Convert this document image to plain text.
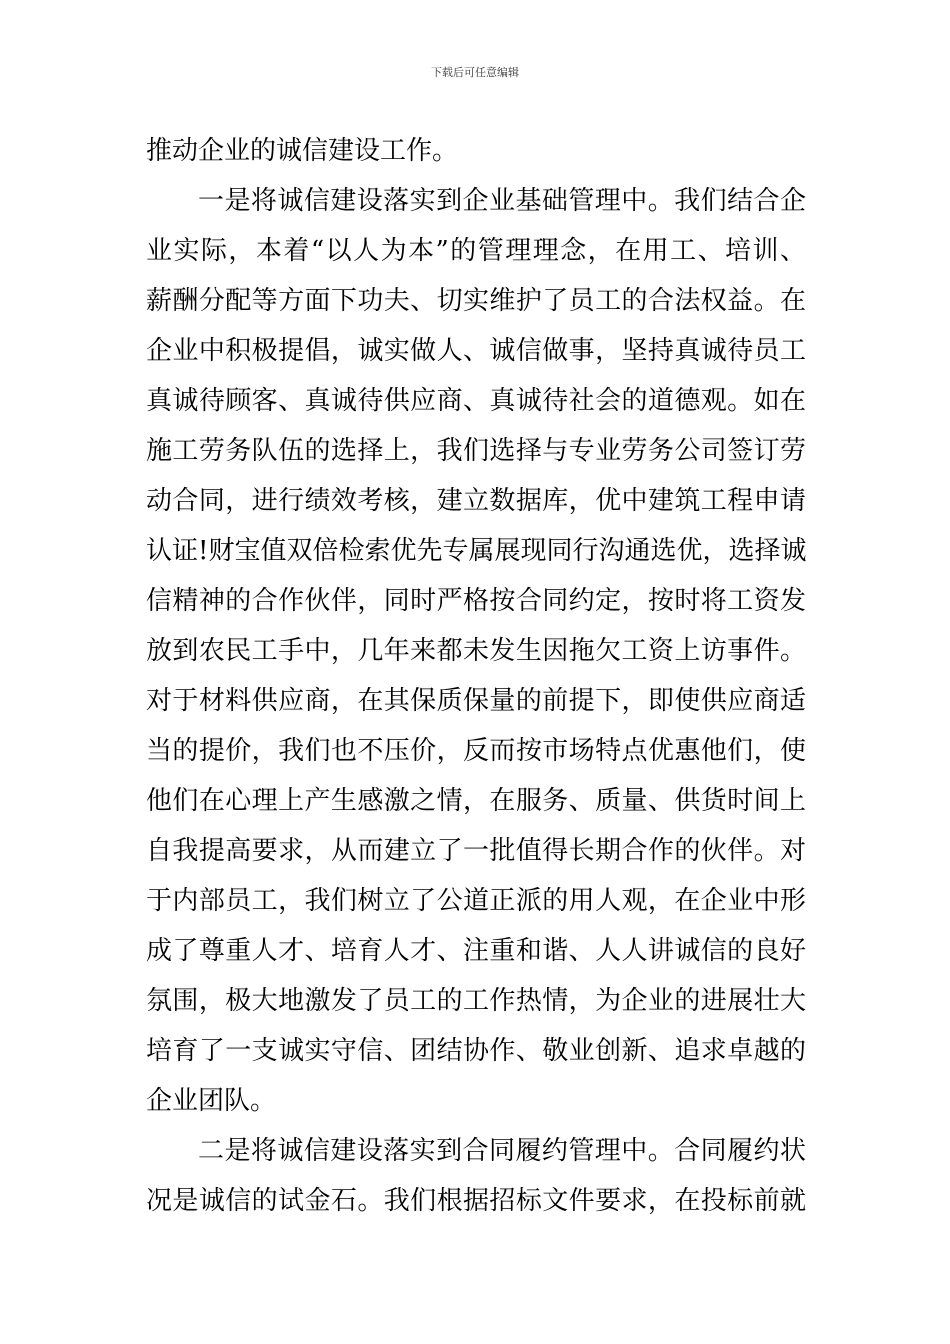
下载后可任意编辑
推动企业的诚信建设工作。
一是将诚信建设落实到企业基础管理中。我们结合企
业实际，本着“以人为本”的管理理念，在用工、培训、
薪酬分配等方面下功夫、切实维护了员工的合法权益。在
企业中积极提倡，诚实做人、诚信做事，坚持真诚待员工
真诚待顾客、真诚待供应商、真诚待社会的道德观。如在
施工劳务队伍的选择上，我们选择与专业劳务公司签订劳
动合同，进行绩效考核，建立数据库，优中建筑工程申请
认证!财宝值双倍检索优先专属展现同行沟通选优，选择诚
信精神的合作伙伴，同时严格按合同约定，按时将工资发
放到农民工手中，几年来都未发生因拖欠工资上访事件。
对于材料供应商，在其保质保量的前提下，即使供应商适
当的提价，我们也不压价，反而按市场特点优惠他们，使
他们在心理上产生感激之情，在服务、质量、供货时间上
自我提高要求，从而建立了一批值得长期合作的伙伴。对
于内部员工，我们树立了公道正派的用人观，在企业中形
成了尊重人才、培育人才、注重和谐、人人讲诚信的良好
氛围，极大地激发了员工的工作热情，为企业的进展壮大
培育了一支诚实守信、团结协作、敬业创新、追求卓越的
企业团队。
二是将诚信建设落实到合同履约管理中。合同履约状
况是诚信的试金石。我们根据招标文件要求，在投标前就
